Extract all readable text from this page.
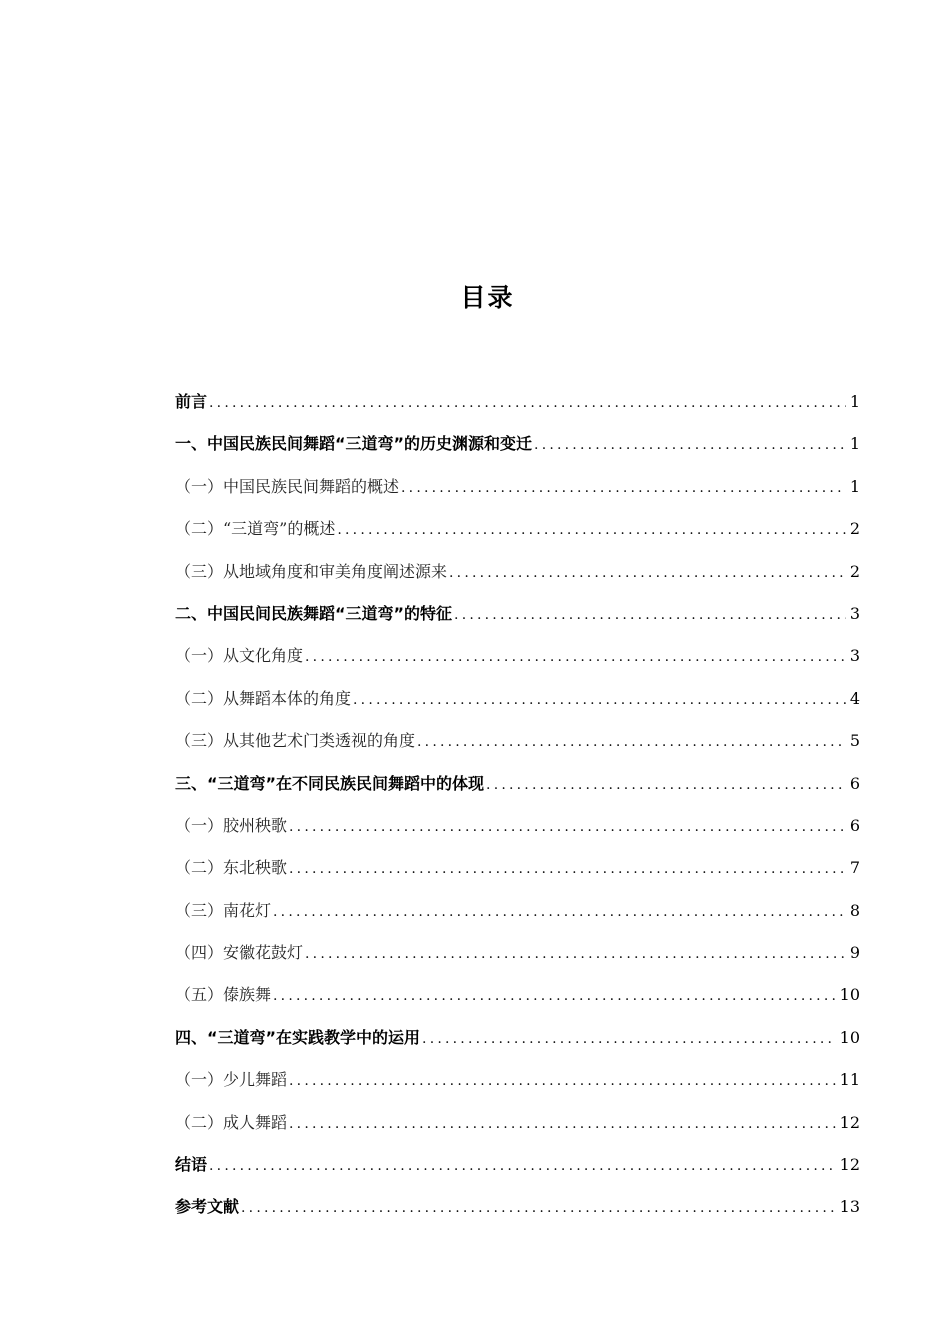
目录
前言 .....	1
一、中国民族民间舞蹈“三道弯”的历史渊源和变迁 .....	1
（一）中国民族民间舞蹈的概述 .....	1
（二）“三道弯”的概述 .....	2
（三）从地域角度和审美角度阐述源来 .....	2
二、中国民间民族舞蹈“三道弯”的特征 .....	3
（一）从文化角度 .....	3
（二）从舞蹈本体的角度 .....	4
（三）从其他艺术门类透视的角度 .....	5
三、“三道弯”在不同民族民间舞蹈中的体现 .....	6
（一）胶州秧歌 .....	6
（二）东北秧歌 .....	7
（三）南花灯 .....	8
（四）安徽花鼓灯 .....	9
（五）傣族舞 .....	10
四、“三道弯”在实践教学中的运用 .....	10
（一）少儿舞蹈 .....	11
（二）成人舞蹈 .....	12
结语 .....	12
参考文献 .....	13
